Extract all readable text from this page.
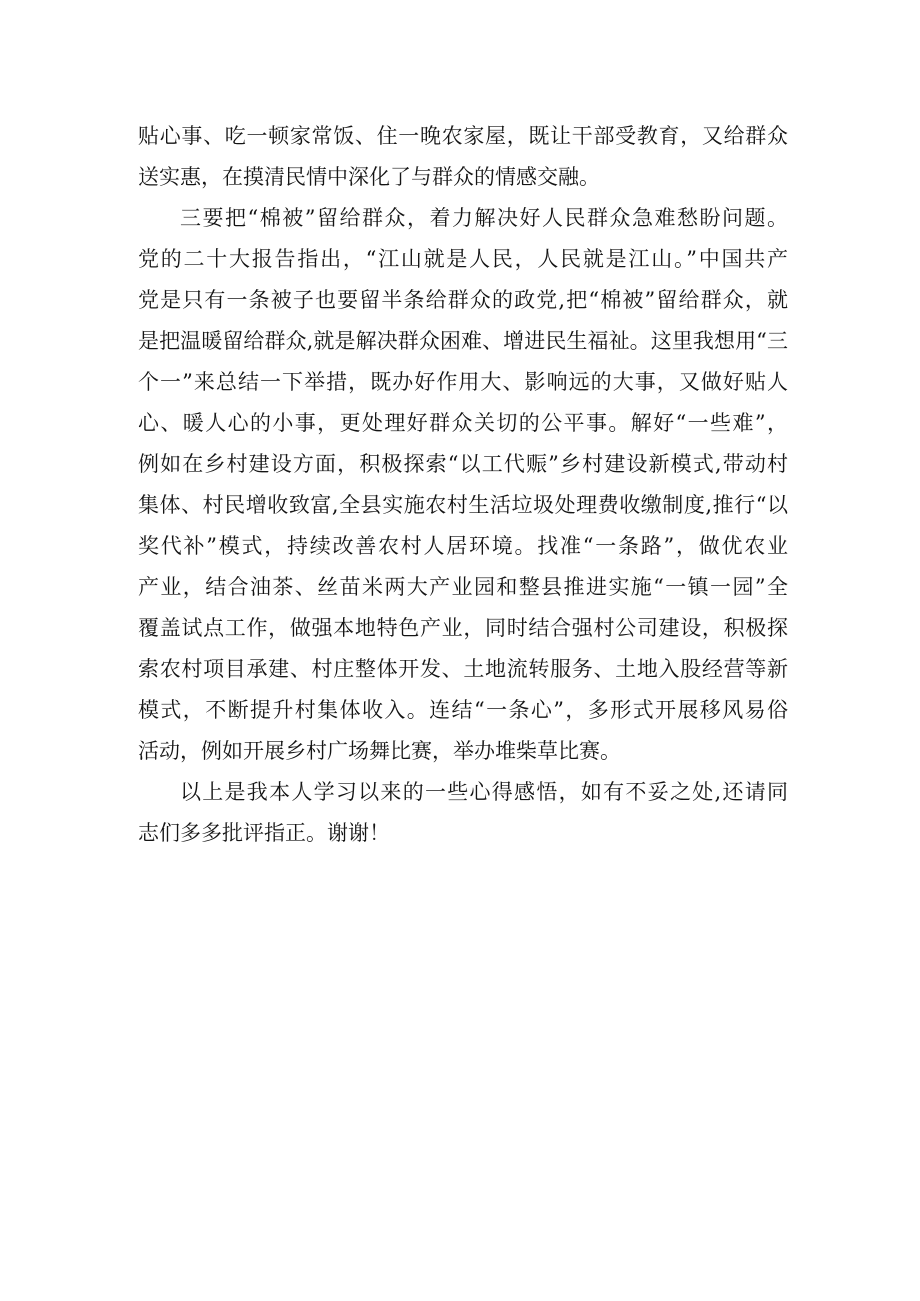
贴心事、吃一顿家常饭、住一晚农家屋，既让干部受教育，又给群众
送实惠，在摸清民情中深化了与群众的情感交融。
三要把“棉被”留给群众，着力解决好人民群众急难愁盼问题。
党的二十大报告指出，“江山就是人民，人民就是江山。”中国共产
党是只有一条被子也要留半条给群众的政党,把“棉被”留给群众，就
是把温暖留给群众,就是解决群众困难、增进民生福祉。这里我想用“三
个一”来总结一下举措，既办好作用大、影响远的大事，又做好贴人
心、暖人心的小事，更处理好群众关切的公平事。解好“一些难”，
例如在乡村建设方面，积极探索“以工代赈”乡村建设新模式,带动村
集体、村民增收致富,全县实施农村生活垃圾处理费收缴制度,推行“以
奖代补”模式，持续改善农村人居环境。找准“一条路”，做优农业
产业，结合油茶、丝苗米两大产业园和整县推进实施“一镇一园”全
覆盖试点工作，做强本地特色产业，同时结合强村公司建设，积极探
索农村项目承建、村庄整体开发、土地流转服务、土地入股经营等新
模式，不断提升村集体收入。连结“一条心”，多形式开展移风易俗
活动，例如开展乡村广场舞比赛，举办堆柴草比赛。
以上是我本人学习以来的一些心得感悟，如有不妥之处,还请同
志们多多批评指正。谢谢！
